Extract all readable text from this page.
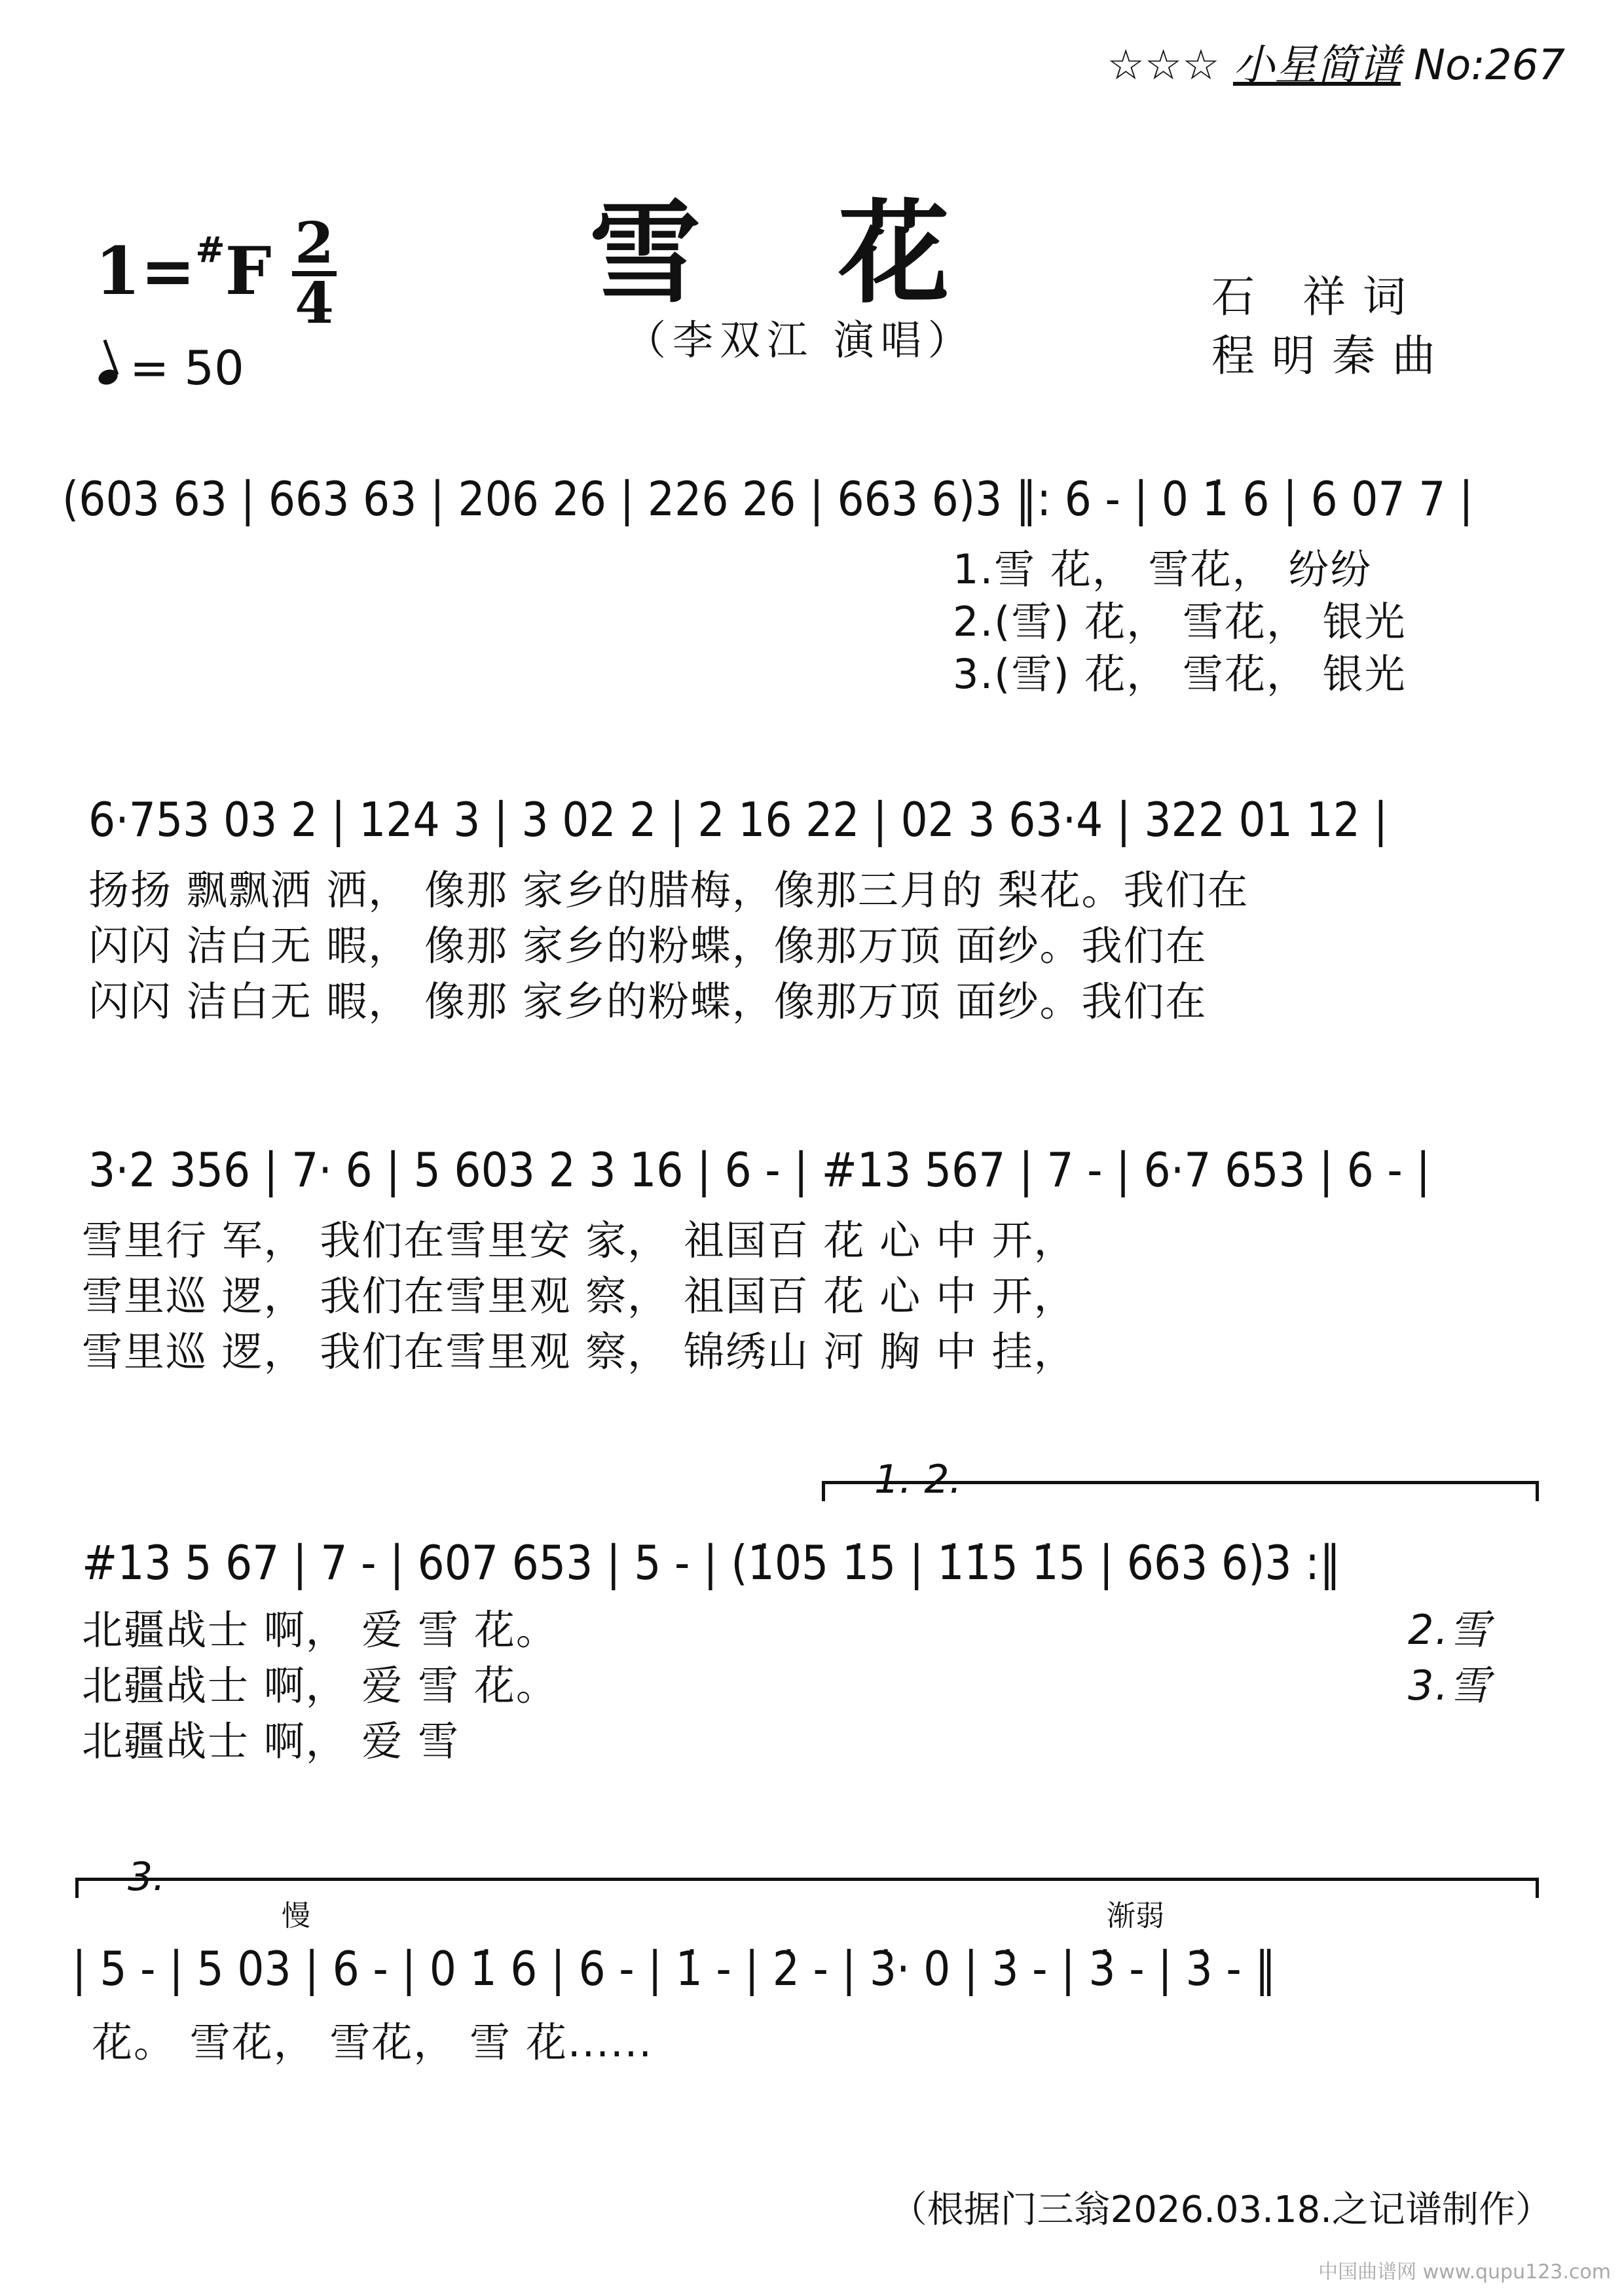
☆☆☆ 小星简谱 No:267
雪花
（李双江 演唱）
石 祥词
程明秦曲
1=#F 2
4
= 50
(603 63 | 663 63 | 206 26 | 226 26 | 663 6)3 ‖: 6 - | 0 1̇ 6 | 6 07 7 |
1.雪 花， 雪花， 纷纷
2.(雪) 花， 雪花， 银光
3.(雪) 花， 雪花， 银光
6·753 03 2 | 124 3 | 3 02 2 | 2 16 22 | 02 3 63·4 | 322 01 12 |
扬扬 飘飘洒 洒， 像那 家乡的腊梅，像那三月的 梨花。我们在
闪闪 洁白无 暇， 像那 家乡的粉蝶，像那万顶 面纱。我们在
闪闪 洁白无 暇， 像那 家乡的粉蝶，像那万顶 面纱。我们在
3·2 356 | 7· 6 | 5 603 2 3 16 | 6 - | #13 567 | 7 - | 6·7 653 | 6 - |
雪里行 军， 我们在雪里安 家， 祖国百 花 心 中 开，
雪里巡 逻， 我们在雪里观 察， 祖国百 花 心 中 开，
雪里巡 逻， 我们在雪里观 察， 锦绣山 河 胸 中 挂，
1. 2.
#13 5 67 | 7 - | 607 653 | 5 - | (1̇05 1̇5 | 1̇1̇5 1̇5 | 663 6)3 :‖
北疆战士 啊， 爱 雪 花。
北疆战士 啊， 爱 雪 花。
北疆战士 啊， 爱 雪
2.雪
3.雪
3.
慢	渐弱
| 5 - | 5 03 | 6 - | 0 1̇ 6 | 6 - | 1̇ - | 2̇ - | 3̇· 0 | 3̇ - | 3̇ - | 3̇ - ‖
花。 雪花， 雪花， 雪 花......
（根据门三翁2026.03.18.之记谱制作）
中国曲谱网 www.qupu123.com
